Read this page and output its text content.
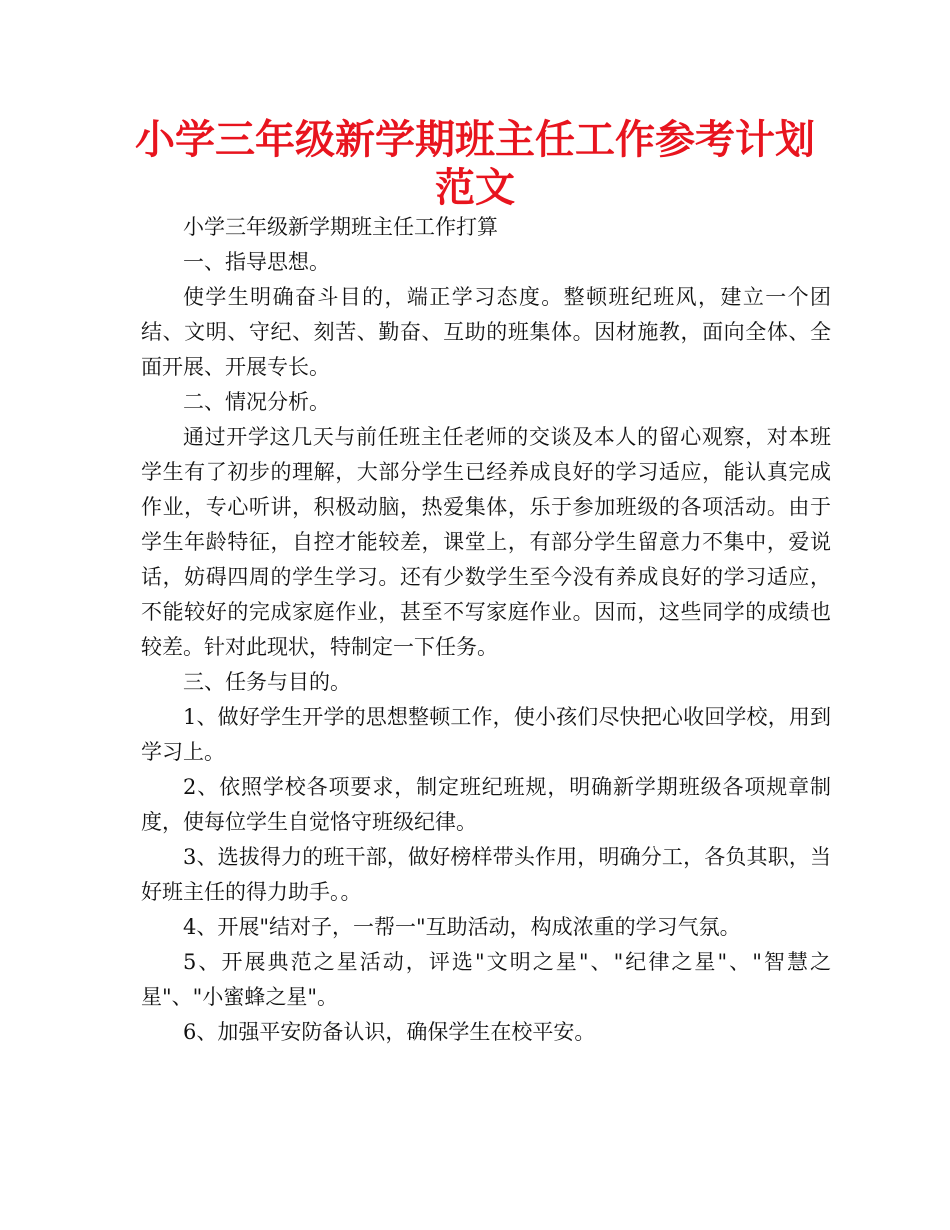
小学三年级新学期班主任工作参考计划范文

小学三年级新学期班主任工作打算

一、指导思想。

使学生明确奋斗目的，端正学习态度。整顿班纪班风，建立一个团结、文明、守纪、刻苦、勤奋、互助的班集体。因材施教，面向全体、全面开展、开展专长。

二、情况分析。

通过开学这几天与前任班主任老师的交谈及本人的留心观察，对本班学生有了初步的理解，大部分学生已经养成良好的学习适应，能认真完成作业，专心听讲，积极动脑，热爱集体，乐于参加班级的各项活动。由于学生年龄特征，自控才能较差，课堂上，有部分学生留意力不集中，爱说话，妨碍四周的学生学习。还有少数学生至今没有养成良好的学习适应，不能较好的完成家庭作业，甚至不写家庭作业。因而，这些同学的成绩也较差。针对此现状，特制定一下任务。

三、任务与目的。

1、做好学生开学的思想整顿工作，使小孩们尽快把心收回学校，用到学习上。

2、依照学校各项要求，制定班纪班规，明确新学期班级各项规章制度，使每位学生自觉恪守班级纪律。

3、选拔得力的班干部，做好榜样带头作用，明确分工，各负其职，当好班主任的得力助手。。

4、开展"结对子，一帮一"互助活动，构成浓重的学习气氛。

5、开展典范之星活动，评选"文明之星"、"纪律之星"、"智慧之星"、"小蜜蜂之星"。

6、加强平安防备认识，确保学生在校平安。
